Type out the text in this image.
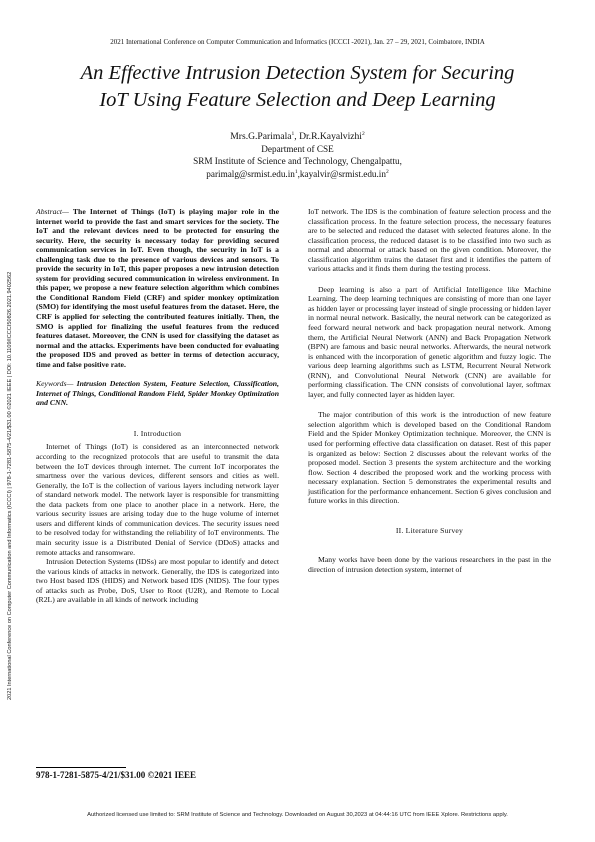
2021 International Conference on Computer Communication and Informatics (ICCCI -2021), Jan. 27 – 29, 2021, Coimbatore, INDIA
An Effective Intrusion Detection System for Securing
IoT Using Feature Selection and Deep Learning
Mrs.G.Parimala$^1$, Dr.R.Kayalvizhi$^2$
Department of CSE
SRM Institute of Science and Technology, Chengalpattu,
$parimalg@srmist.edu.in^1,kayalvir@srmist.edu.in^2$
2021 International Conference on Computer Communication and Informatics (ICCCI) | 978-1-7281-5875-4/21/$31.00 ©2021 IEEE | DOI: 10.1109/ICCCI50826.2021.9402562

Abstract— The Internet of Things (IoT) is playing major role in the internet world to provide the fast and smart services for the society. The IoT and the relevant devices need to be protected for ensuring the security. Here, the security is necessary today for providing secured communication services in IoT. Even though, the security in IoT is a challenging task due to the presence of various devices and sensors. To provide the security in IoT, this paper proposes a new intrusion detection system for providing secured communication in wireless environment. In this paper, we propose a new feature selection algorithm which combines the Conditional Random Field (CRF) and spider monkey optimization (SMO) for identifying the most useful features from the dataset. Here, the CRF is applied for selecting the contributed features initially. Then, the SMO is applied for finalizing the useful features from the reduced features dataset. Moreover, the CNN is used for classifying the dataset as normal and the attacks. Experiments have been conducted for evaluating the proposed IDS and proved as better in terms of detection accuracy, time and false positive rate.

Keywords— Intrusion Detection System, Feature Selection, Classification, Internet of Things, Conditional Random Field, Spider Monkey Optimization and CNN.

I. Introduction

Internet of Things (IoT) is considered as an interconnected network according to the recognized protocols that are useful to transmit the data between the IoT devices through internet. The current IoT incorporates the smartness over the various devices, different sensors and cities as well. Generally, the IoT is the collection of various layers including network layer of standard network model. The network layer is responsible for transmitting the data packets from one place to another place in a network. Here, the various security issues are arising today due to the huge volume of internet users and different kinds of communication devices. The security issues need to be resolved today for withstanding the reliability of IoT environments. The main security issue is a Distributed Denial of Service (DDoS) attacks and remote attacks and ransomware.

Intrusion Detection Systems (IDSs) are most popular to identify and detect the various kinds of attacks in network. Generally, the IDS is categorized into two Host based IDS (HIDS) and Network based IDS (NIDS). The four types of attacks such as Probe, DoS, User to Root (U2R), and Remote to Local (R2L) are available in all kinds of network including

IoT network. The IDS is the combination of feature selection process and the classification process. In the feature selection process, the necessary features are to be selected and reduced the dataset with selected features alone. In the classification process, the reduced dataset is to be classified into two such as normal and abnormal or attack based on the given condition. Moreover, the classification algorithm trains the dataset first and it identifies the pattern of various attacks and it finds them during the testing process.

Deep learning is also a part of Artificial Intelligence like Machine Learning. The deep learning techniques are consisting of more than one layer as hidden layer or processing layer instead of single processing or hidden layer in normal neural network. Basically, the neural network can be categorized as feed forward neural network and back propagation neural network. Among them, the Artificial Neural Network (ANN) and Back Propagation Network (BPN) are famous and basic neural networks. Afterwards, the neural network is enhanced with the incorporation of genetic algorithm and fuzzy logic. The various deep learning algorithms such as LSTM, Recurrent Neural Network (RNN), and Convolutional Neural Network (CNN) are available for performing classification. The CNN consists of convolutional layer, softmax layer, and fully connected layer as hidden layer.

The major contribution of this work is the introduction of new feature selection algorithm which is developed based on the Conditional Random Field and the Spider Monkey Optimization technique. Moreover, the CNN is used for performing effective data classification on dataset. Rest of this paper is organized as below: Section 2 discusses about the relevant works of the proposed model. Section 3 presents the system architecture and the working flow. Section 4 described the proposed work and the working process with necessary explanation. Section 5 demonstrates the experimental results and justification for the performance enhancement. Section 6 gives conclusion and future works in this direction.

II. Literature Survey

Many works have been done by the various researchers in the past in the direction of intrusion detection system, internet of

978-1-7281-5875-4/21/$31.00 ©2021 IEEE
Authorized licensed use limited to: SRM Institute of Science and Technology. Downloaded on August 30,2023 at 04:44:16 UTC from IEEE Xplore. Restrictions apply.
